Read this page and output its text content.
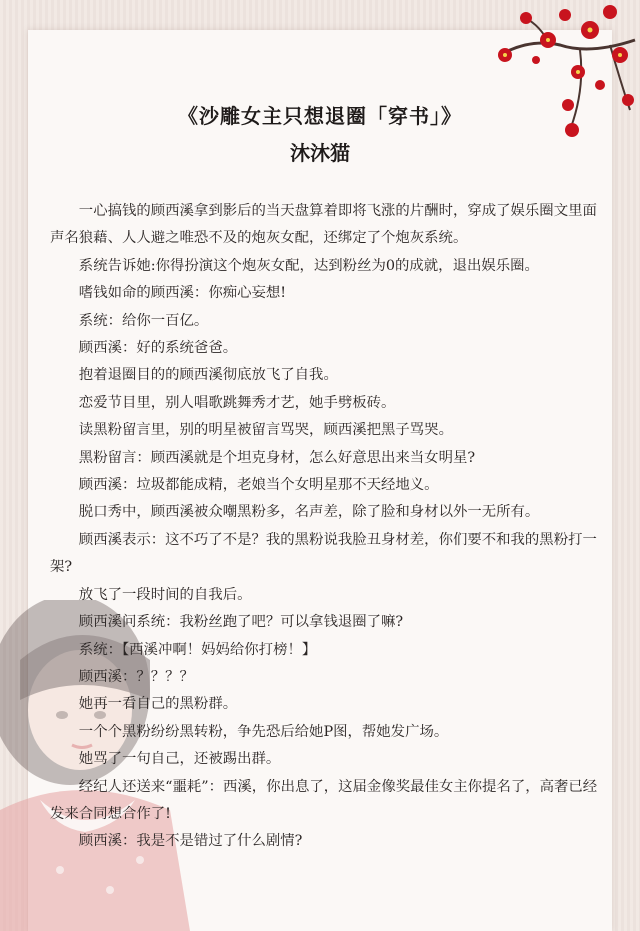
《沙雕女主只想退圈「穿书」》
沐沐猫

一心搞钱的顾西溪拿到影后的当天盘算着即将飞涨的片酬时，穿成了娱乐圈文里面声名狼藉、人人避之唯恐不及的炮灰女配，还绑定了个炮灰系统。

系统告诉她:你得扮演这个炮灰女配，达到粉丝为0的成就，退出娱乐圈。

嗜钱如命的顾西溪：你痴心妄想!

系统：给你一百亿。

顾西溪：好的系统爸爸。

抱着退圈目的的顾西溪彻底放飞了自我。

恋爱节目里，别人唱歌跳舞秀才艺，她手劈板砖。

读黑粉留言里，别的明星被留言骂哭，顾西溪把黑子骂哭。

黑粉留言：顾西溪就是个坦克身材，怎么好意思出来当女明星?

顾西溪：垃圾都能成精，老娘当个女明星那不天经地义。

脱口秀中，顾西溪被众嘲黑粉多，名声差，除了脸和身材以外一无所有。

顾西溪表示：这不巧了不是？我的黑粉说我脸丑身材差，你们要不和我的黑粉打一架?

放飞了一段时间的自我后。

顾西溪问系统：我粉丝跑了吧？可以拿钱退圈了嘛?

系统：【西溪冲啊！妈妈给你打榜！】

顾西溪：？？？？

她再一看自己的黑粉群。

一个个黑粉纷纷黑转粉，争先恐后给她P图，帮她发广场。

她骂了一句自己，还被踢出群。

经纪人还送来“噩耗”：西溪，你出息了，这届金像奖最佳女主你提名了，高奢已经发来合同想合作了!

顾西溪：我是不是错过了什么剧情?
